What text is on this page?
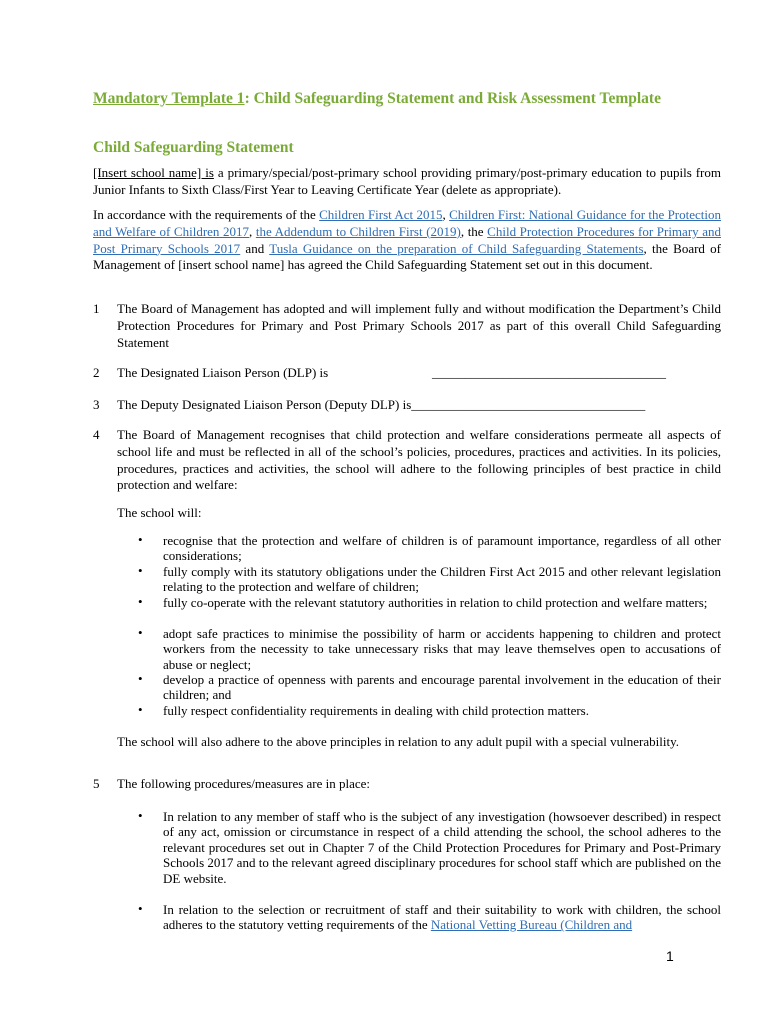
Mandatory Template 1: Child Safeguarding Statement and Risk Assessment Template
Child Safeguarding Statement
[Insert school name] is a primary/special/post-primary school providing primary/post-primary education to pupils from Junior Infants to Sixth Class/First Year to Leaving Certificate Year (delete as appropriate).
In accordance with the requirements of the Children First Act 2015, Children First: National Guidance for the Protection and Welfare of Children 2017, the Addendum to Children First (2019), the Child Protection Procedures for Primary and Post Primary Schools 2017 and Tusla Guidance on the preparation of Child Safeguarding Statements, the Board of Management of [insert school name] has agreed the Child Safeguarding Statement set out in this document.
1 The Board of Management has adopted and will implement fully and without modification the Department’s Child Protection Procedures for Primary and Post Primary Schools 2017 as part of this overall Child Safeguarding Statement
2 The Designated Liaison Person (DLP) is	____________________________________
3 The Deputy Designated Liaison Person (Deputy DLP) is____________________________________
4 The Board of Management recognises that child protection and welfare considerations permeate all aspects of school life and must be reflected in all of the school’s policies, procedures, practices and activities. In its policies, procedures, practices and activities, the school will adhere to the following principles of best practice in child protection and welfare:
The school will:
• recognise that the protection and welfare of children is of paramount importance, regardless of all other considerations;
• fully comply with its statutory obligations under the Children First Act 2015 and other relevant legislation relating to the protection and welfare of children;
• fully co-operate with the relevant statutory authorities in relation to child protection and welfare matters;
• adopt safe practices to minimise the possibility of harm or accidents happening to children and protect workers from the necessity to take unnecessary risks that may leave themselves open to accusations of abuse or neglect;
• develop a practice of openness with parents and encourage parental involvement in the education of their children; and
• fully respect confidentiality requirements in dealing with child protection matters.
The school will also adhere to the above principles in relation to any adult pupil with a special vulnerability.
5 The following procedures/measures are in place:
• In relation to any member of staff who is the subject of any investigation (howsoever described) in respect of any act, omission or circumstance in respect of a child attending the school, the school adheres to the relevant procedures set out in Chapter 7 of the Child Protection Procedures for Primary and Post-Primary Schools 2017 and to the relevant agreed disciplinary procedures for school staff which are published on the DE website.
• In relation to the selection or recruitment of staff and their suitability to work with children, the school adheres to the statutory vetting requirements of the National Vetting Bureau (Children and
1
